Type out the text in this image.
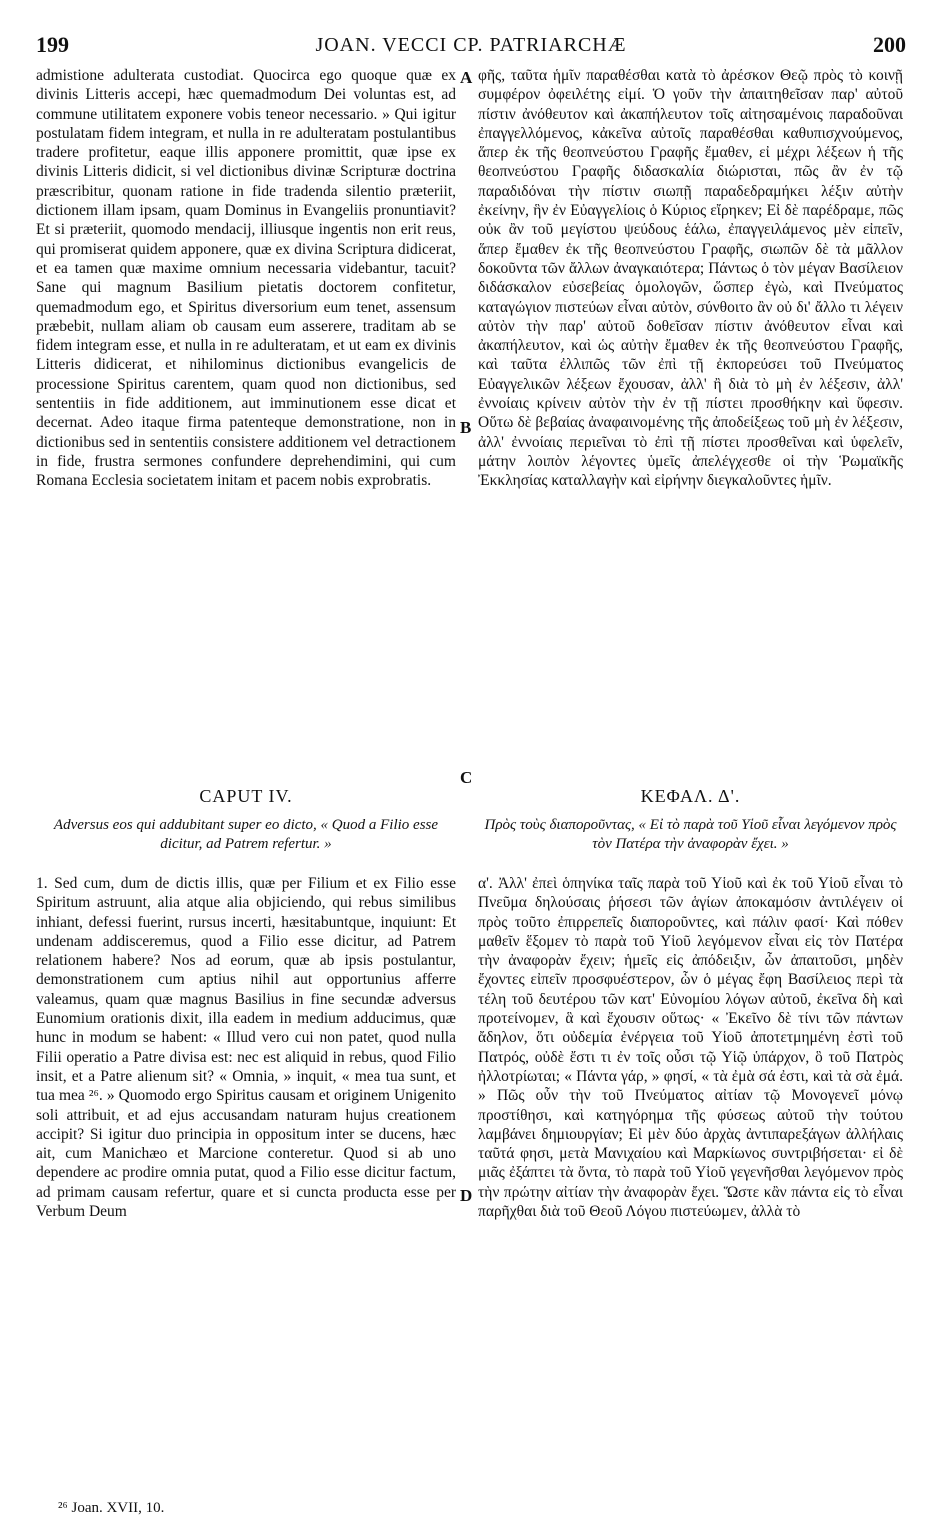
199	JOAN. VECCI CP. PATRIARCHÆ	200

admistione adulterata custodiat. Quocirca ego quoque quæ ex divinis Litteris accepi, hæc quemadmodum Dei voluntas est, ad commune utilitatem exponere vobis teneor necessario. » Qui igitur postulatam fidem integram, et nulla in re adulteratam postulantibus tradere profitetur, eaque illis apponere promittit, quæ ipse ex divinis Litteris didicit, si vel dictionibus divinæ Scripturæ doctrina præscribitur, quonam ratione in fide tradenda silentio præteriit, dictionem illam ipsam, quam Dominus in Evangeliis pronuntiavit? Et si præteriit, quomodo mendacij, illiusque ingentis non erit reus, qui promiserat quidem apponere, quæ ex divina Scriptura didicerat, et ea tamen quæ maxime omnium necessaria videbantur, tacuit? Sane qui magnum Basilium pietatis doctorem confitetur, quemadmodum ego, et Spiritus diversorium eum tenet, assensum præbebit, nullam aliam ob causam eum asserere, traditam ab se fidem integram esse, et nulla in re adulteratam, et ut eam ex divinis Litteris didicerat, et nihilominus dictionibus evangelicis de processione Spiritus carentem, quam quod non dictionibus, sed sententiis in fide additionem, aut imminutionem esse dicat et decernat. Adeo itaque firma patenteque demonstratione, non in dictionibus sed in sententiis consistere additionem vel detractionem in fide, frustra sermones confundere deprehendimini, qui cum Romana Ecclesia societatem initam et pacem nobis exprobratis.

CAPUT IV.
Adversus eos qui addubitant super eo dicto, « Quod a Filio esse dicitur, ad Patrem refertur. »

1. Sed cum, dum de dictis illis, quæ per Filium et ex Filio esse Spiritum astruunt, alia atque alia objiciendo, qui rebus similibus inhiant, defessi fuerint, rursus incerti, hæsitabuntque, inquiunt: Et undenam addisceremus, quod a Filio esse dicitur, ad Patrem relationem habere? Nos ad eorum, quæ ab ipsis postulantur, demonstrationem cum aptius nihil aut opportunius afferre valeamus, quam quæ magnus Basilius in fine secundæ adversus Eunomium orationis dixit, illa eadem in medium adducimus, quæ hunc in modum se habent: « Illud vero cui non patet, quod nulla Filii operatio a Patre divisa est: nec est aliquid in rebus, quod Filio insit, et a Patre alienum sit? « Omnia, » inquit, « mea tua sunt, et tua mea ²⁶. » Quomodo ergo Spiritus causam et originem Unigenito soli attribuit, et ad ejus accusandam naturam hujus creationem accipit? Si igitur duo principia in oppositum inter se ducens, hæc ait, cum Manichæo et Marcione conteretur. Quod si ab uno dependere ac prodire omnia putat, quod a Filio esse dicitur factum, ad primam causam refertur, quare et si cuncta producta esse per Verbum Deum

φῆς, ταῦτα ἡμῖν παραθέσθαι κατὰ τὸ ἀρέσκον Θεῷ πρὸς τὸ κοινῇ συμφέρον ὀφειλέτης εἰμί. Ὁ γοῦν τὴν ἀπαιτηθεῖσαν παρ' αὐτοῦ πίστιν ἀνόθευτον καὶ ἀκαπήλευτον τοῖς αἰτησαμένοις παραδοῦναι ἐπαγγελλόμενος, κἀκεῖνα αὐτοῖς παραθέσθαι καθυπισχνούμενος, ἅπερ ἐκ τῆς θεοπνεύστου Γραφῆς ἔμαθεν, εἰ μέχρι λέξεων ἡ τῆς θεοπνεύστου Γραφῆς διδασκαλία διώρισται, πῶς ἂν ἐν τῷ παραδιδόναι τὴν πίστιν σιωπῇ παραδεδραμήκει λέξιν αὐτὴν ἐκείνην, ἣν ἐν Εὐαγγελίοις ὁ Κύριος εἴρηκεν; Εἰ δὲ παρέδραμε, πῶς οὐκ ἂν τοῦ μεγίστου ψεύδους ἑάλω, ἐπαγγειλάμενος μὲν εἰπεῖν, ἅπερ ἔμαθεν ἐκ τῆς θεοπνεύστου Γραφῆς, σιωπῶν δὲ τὰ μᾶλλον δοκοῦντα τῶν ἄλλων ἀναγκαιότερα; Πάντως ὁ τὸν μέγαν Βασίλειον διδάσκαλον εὐσεβείας ὁμολογῶν, ὥσπερ ἐγὼ, καὶ Πνεύματος καταγώγιον πιστεύων εἶναι αὐτὸν, σύνθοιτο ἂν οὐ δι' ἄλλο τι λέγειν αὐτὸν τὴν παρ' αὐτοῦ δοθεῖσαν πίστιν ἀνόθευτον εἶναι καὶ ἀκαπήλευτον, καὶ ὡς αὐτὴν ἔμαθεν ἐκ τῆς θεοπνεύστου Γραφῆς, καὶ ταῦτα ἐλλιπῶς τῶν ἐπὶ τῇ ἐκπορεύσει τοῦ Πνεύματος Εὐαγγελικῶν λέξεων ἔχουσαν, ἀλλ' ἢ διὰ τὸ μὴ ἐν λέξεσιν, ἀλλ' ἐννοίαις κρίνειν αὐτὸν τὴν ἐν τῇ πίστει προσθήκην καὶ ὕφεσιν. Οὕτω δὲ βεβαίας ἀναφαινομένης τῆς ἀποδείξεως τοῦ μὴ ἐν λέξεσιν, ἀλλ' ἐννοίαις περιεῖναι τὸ ἐπὶ τῇ πίστει προσθεῖναι καὶ ὑφελεῖν, μάτην λοιπὸν λέγοντες ὑμεῖς ἀπελέγχεσθε οἱ τὴν Ῥωμαϊκῆς Ἐκκλησίας καταλλαγὴν καὶ εἰρήνην διεγκαλοῦντες ἡμῖν.

ΚΕΦΑΛ. Δ'.
Πρὸς τοὺς διαποροῦντας, « Εἰ τὸ παρὰ τοῦ Υἱοῦ εἶναι λεγόμενον πρὸς τὸν Πατέρα τὴν ἀναφορὰν ἔχει. »

α'. Ἀλλ' ἐπεὶ ὁπηνίκα ταῖς παρὰ τοῦ Υἱοῦ καὶ ἐκ τοῦ Υἱοῦ εἶναι τὸ Πνεῦμα δηλούσαις ῥήσεσι τῶν ἁγίων ἀποκαμόσιν ἀντιλέγειν οἱ πρὸς τοῦτο ἐπιρρεπεῖς διαποροῦντες, καὶ πάλιν φασί· Καὶ πόθεν μαθεῖν ἕξομεν τὸ παρὰ τοῦ Υἱοῦ λεγόμενον εἶναι εἰς τὸν Πατέρα τὴν ἀναφορὰν ἔχειν; ἡμεῖς εἰς ἀπόδειξιν, ὧν ἀπαιτοῦσι, μηδὲν ἔχοντες εἰπεῖν προσφυέστερον, ὧν ὁ μέγας ἔφη Βασίλειος περὶ τὰ τέλη τοῦ δευτέρου τῶν κατ' Εὐνομίου λόγων αὐτοῦ, ἐκεῖνα δὴ καὶ προτείνομεν, ἃ καὶ ἔχουσιν οὕτως· « Ἐκεῖνο δὲ τίνι τῶν πάντων ἄδηλον, ὅτι οὐδεμία ἐνέργεια τοῦ Υἱοῦ ἀποτετμημένη ἐστὶ τοῦ Πατρός, οὐδὲ ἔστι τι ἐν τοῖς οὖσι τῷ Υἱῷ ὑπάρχον, ὃ τοῦ Πατρὸς ἠλλοτρίωται; « Πάντα γάρ, » φησί, « τὰ ἐμὰ σά ἐστι, καὶ τὰ σὰ ἐμά. » Πῶς οὖν τὴν τοῦ Πνεύματος αἰτίαν τῷ Μονογενεῖ μόνῳ προστίθησι, καὶ κατηγόρημα τῆς φύσεως αὐτοῦ τὴν τούτου λαμβάνει δημιουργίαν; Εἰ μὲν δύο ἀρχὰς ἀντιπαρεξάγων ἀλλήλαις ταῦτά φησι, μετὰ Μανιχαίου καὶ Μαρκίωνος συντριβήσεται· εἰ δὲ μιᾶς ἐξάπτει τὰ ὄντα, τὸ παρὰ τοῦ Υἱοῦ γεγενῆσθαι λεγόμενον πρὸς τὴν πρώτην αἰτίαν τὴν ἀναφορὰν ἔχει. Ὥστε κἂν πάντα εἰς τὸ εἶναι παρῆχθαι διὰ τοῦ Θεοῦ Λόγου πιστεύωμεν, ἀλλὰ τὸ

A
B
C
D
²⁶ Joan. XVII, 10.
